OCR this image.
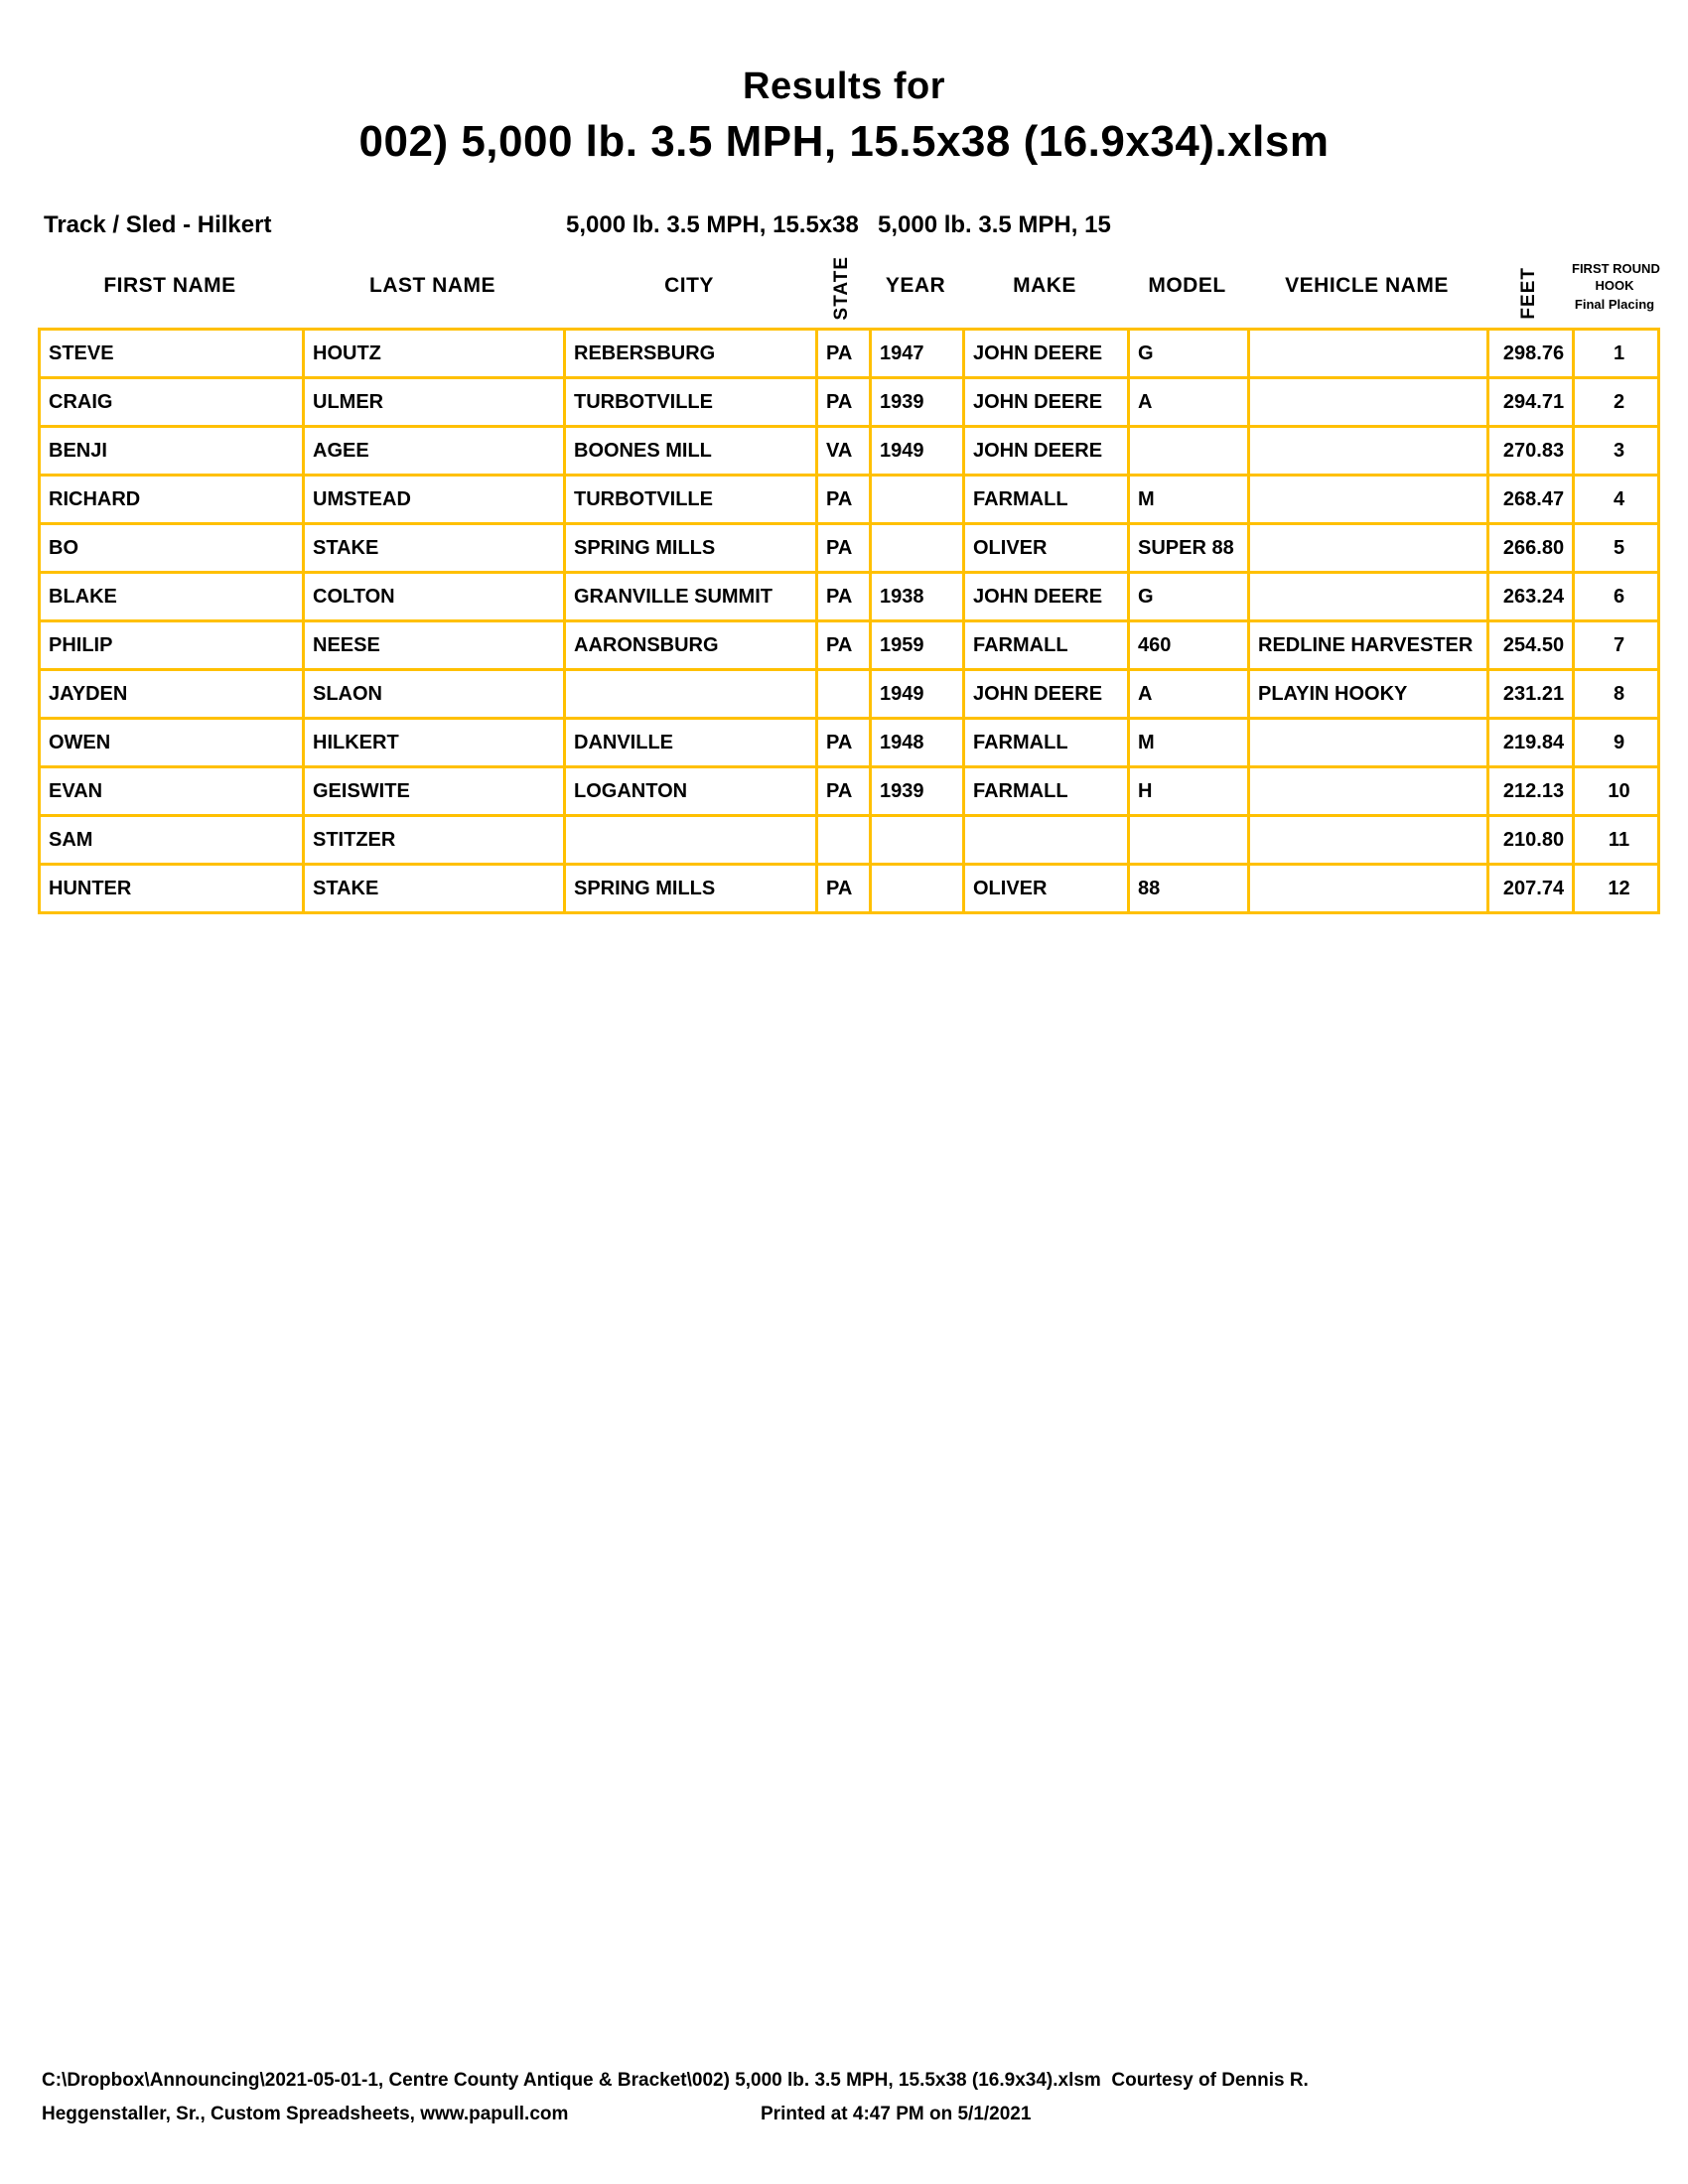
Results for
002) 5,000 lb. 3.5 MPH, 15.5x38 (16.9x34).xlsm
Track / Sled - Hilkert	5,000 lb. 3.5 MPH, 15.5x38 5,000 lb. 3.5 MPH, 15
FIRST NAME	LAST NAME	CITY	STATE	YEAR	MAKE	MODEL	VEHICLE NAME	FEET	FIRST ROUND
HOOK
Final Placing
STEVE	HOUTZ	REBERSBURG	PA	1947	JOHN DEERE	G		298.76	1
CRAIG	ULMER	TURBOTVILLE	PA	1939	JOHN DEERE	A		294.71	2
BENJI	AGEE	BOONES MILL	VA	1949	JOHN DEERE			270.83	3
RICHARD	UMSTEAD	TURBOTVILLE	PA		FARMALL	M		268.47	4
BO	STAKE	SPRING MILLS	PA		OLIVER	SUPER 88		266.80	5
BLAKE	COLTON	GRANVILLE SUMMIT	PA	1938	JOHN DEERE	G		263.24	6
PHILIP	NEESE	AARONSBURG	PA	1959	FARMALL	460	REDLINE HARVESTER	254.50	7
JAYDEN	SLAON			1949	JOHN DEERE	A	PLAYIN HOOKY	231.21	8
OWEN	HILKERT	DANVILLE	PA	1948	FARMALL	M		219.84	9
EVAN	GEISWITE	LOGANTON	PA	1939	FARMALL	H		212.13	10
SAM	STITZER							210.80	11
HUNTER	STAKE	SPRING MILLS	PA		OLIVER	88		207.74	12
C:\Dropbox\Announcing\2021-05-01-1, Centre County Antique & Bracket\002) 5,000 lb. 3.5 MPH, 15.5x38 (16.9x34).xlsm  Courtesy of Dennis R.
Heggenstaller, Sr., Custom Spreadsheets, www.papull.com	Printed at 4:47 PM on 5/1/2021
